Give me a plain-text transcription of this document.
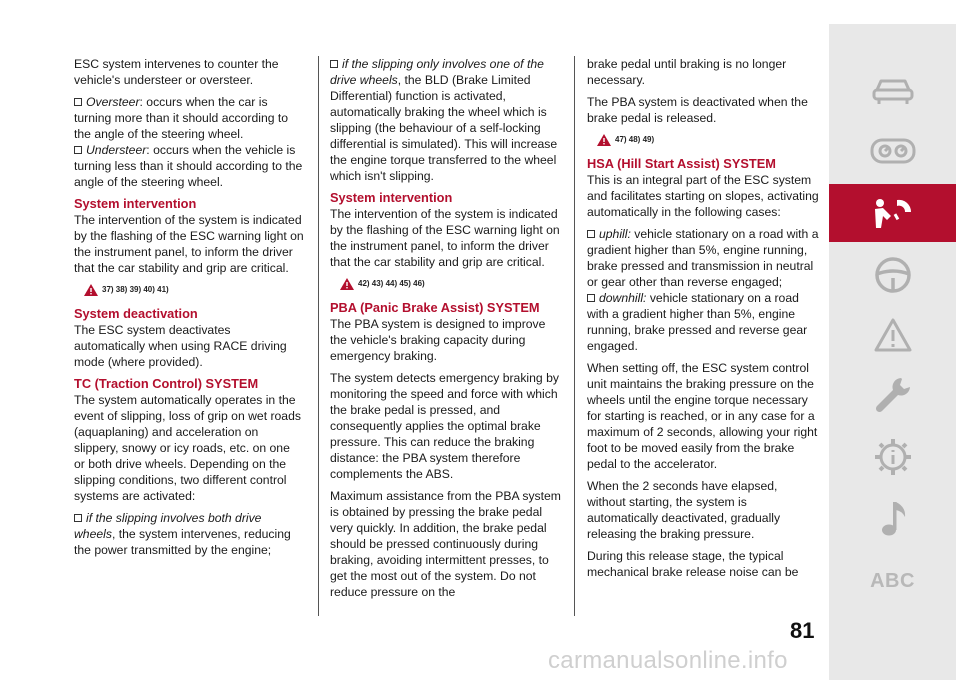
ESC system intervenes to counter the vehicle's understeer or oversteer.

Oversteer: occurs when the car is turning more than it should according to the angle of the steering wheel.

Understeer: occurs when the vehicle is turning less than it should according to the angle of the steering wheel.

System intervention

The intervention of the system is indicated by the flashing of the ESC warning light on the instrument panel, to inform the driver that the car stability and grip are critical.

37) 38) 39) 40) 41)
System deactivation

The ESC system deactivates automatically when using RACE driving mode (where provided).

TC (Traction Control) SYSTEM

The system automatically operates in the event of slipping, loss of grip on wet roads (aquaplaning) and acceleration on slippery, snowy or icy roads, etc. on one or both drive wheels. Depending on the slipping conditions, two different control systems are activated:

if the slipping involves both drive wheels, the system intervenes, reducing the power transmitted by the engine;

if the slipping only involves one of the drive wheels, the BLD (Brake Limited Differential) function is activated, automatically braking the wheel which is slipping (the behaviour of a self-locking differential is simulated). This will increase the engine torque transferred to the wheel which isn't slipping.

System intervention

The intervention of the system is indicated by the flashing of the ESC warning light on the instrument panel, to inform the driver that the car stability and grip are critical.

42) 43) 44) 45) 46)
PBA (Panic Brake Assist) SYSTEM

The PBA system is designed to improve the vehicle's braking capacity during emergency braking.

The system detects emergency braking by monitoring the speed and force with which the brake pedal is pressed, and consequently applies the optimal brake pressure. This can reduce the braking distance: the PBA system therefore complements the ABS.

Maximum assistance from the PBA system is obtained by pressing the brake pedal very quickly. In addition, the brake pedal should be pressed continuously during braking, avoiding intermittent presses, to get the most out of the system. Do not reduce pressure on the

brake pedal until braking is no longer necessary.

The PBA system is deactivated when the brake pedal is released.

47) 48) 49)
HSA (Hill Start Assist) SYSTEM

This is an integral part of the ESC system and facilitates starting on slopes, activating automatically in the following cases:

uphill: vehicle stationary on a road with a gradient higher than 5%, engine running, brake pressed and transmission in neutral or gear other than reverse engaged;

downhill: vehicle stationary on a road with a gradient higher than 5%, engine running, brake pressed and reverse gear engaged.

When setting off, the ESC system control unit maintains the braking pressure on the wheels until the engine torque necessary for starting is reached, or in any case for a maximum of 2 seconds, allowing your right foot to be moved easily from the brake pedal to the accelerator.

When the 2 seconds have elapsed, without starting, the system is automatically deactivated, gradually releasing the braking pressure.

During this release stage, the typical mechanical brake release noise can be	ABC
81
carmanualsonline.info
